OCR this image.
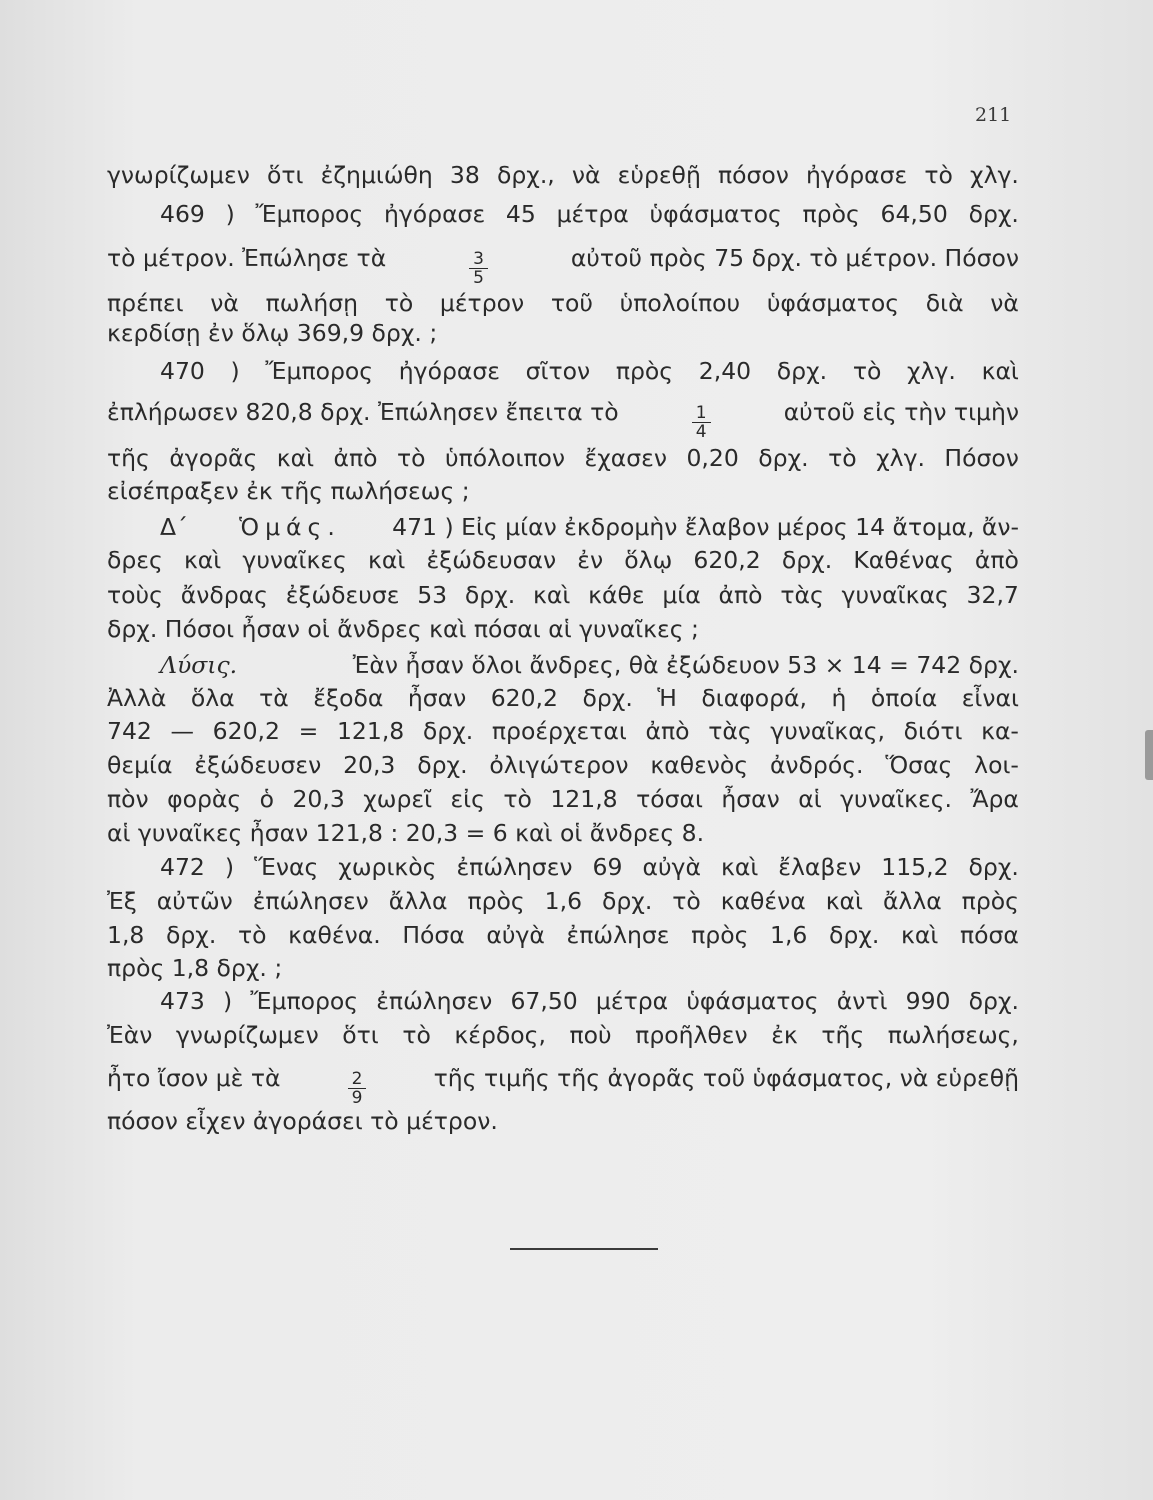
211
γνωρίζωμεν ὅτι ἐζημιώθη 38 δρχ., νὰ εὑρεθῇ πόσον ἠγόρασε τὸ χλγ.
469 ) Ἔμπορος ἠγόρασε 45 μέτρα ὑφάσματος πρὸς 64,50 δρχ.
τὸ μέτρον. Ἐπώλησε τὰ	$\frac{3}{5}$	αὐτοῦ πρὸς 75 δρχ. τὸ μέτρον. Πόσον
πρέπει νὰ πωλήσῃ τὸ μέτρον τοῦ ὑπολοίπου ὑφάσματος διὰ νὰ
κερδίσῃ ἐν ὅλῳ 369,9 δρχ. ;
470 ) Ἔμπορος ἠγόρασε σῖτον πρὸς 2,40 δρχ. τὸ χλγ. καὶ
ἐπλήρωσεν 820,8 δρχ. Ἐπώλησεν ἔπειτα τὸ	$\frac{1}{4}$	αὐτοῦ εἰς τὴν τιμὴν
τῆς ἀγορᾶς καὶ ἀπὸ τὸ ὑπόλοιπον ἔχασεν 0,20 δρχ. τὸ χλγ. Πόσον
εἰσέπραξεν ἐκ τῆς πωλήσεως ;
Δ΄ Ὁμάς. 471 ) Εἰς μίαν ἐκδρομὴν ἔλαβον μέρος 14 ἄτομα, ἄν-
δρες καὶ γυναῖκες καὶ ἐξώδευσαν ἐν ὅλῳ 620,2 δρχ. Καθένας ἀπὸ
τοὺς ἄνδρας ἐξώδευσε 53 δρχ. καὶ κάθε μία ἀπὸ τὰς γυναῖκας 32,7
δρχ. Πόσοι ἦσαν οἱ ἄνδρες καὶ πόσαι αἱ γυναῖκες ;
Λύσις.	Ἐὰν ἦσαν ὅλοι ἄνδρες, θὰ ἐξώδευον 53 × 14 = 742 δρχ.
Ἀλλὰ ὅλα τὰ ἔξοδα ἦσαν 620,2 δρχ. Ἡ διαφορά, ἡ ὁποία εἶναι
742 — 620,2 = 121,8 δρχ. προέρχεται ἀπὸ τὰς γυναῖκας, διότι κα-
θεμία ἐξώδευσεν 20,3 δρχ. ὀλιγώτερον καθενὸς ἀνδρός. Ὅσας λοι-
πὸν φορὰς ὁ 20,3 χωρεῖ εἰς τὸ 121,8 τόσαι ἦσαν αἱ γυναῖκες. Ἄρα
αἱ γυναῖκες ἦσαν 121,8 : 20,3 = 6 καὶ οἱ ἄνδρες 8.
472 ) Ἕνας χωρικὸς ἐπώλησεν 69 αὐγὰ καὶ ἔλαβεν 115,2 δρχ.
Ἐξ αὐτῶν ἐπώλησεν ἄλλα πρὸς 1,6 δρχ. τὸ καθένα καὶ ἄλλα πρὸς
1,8 δρχ. τὸ καθένα. Πόσα αὐγὰ ἐπώλησε πρὸς 1,6 δρχ. καὶ πόσα
πρὸς 1,8 δρχ. ;
473 ) Ἔμπορος ἐπώλησεν 67,50 μέτρα ὑφάσματος ἀντὶ 990 δρχ.
Ἐὰν γνωρίζωμεν ὅτι τὸ κέρδος, ποὺ προῆλθεν ἐκ τῆς πωλήσεως,
ἦτο ἴσον μὲ τὰ	$\frac{2}{9}$	τῆς τιμῆς τῆς ἀγορᾶς τοῦ ὑφάσματος, νὰ εὑρεθῇ
πόσον εἶχεν ἀγοράσει τὸ μέτρον.
